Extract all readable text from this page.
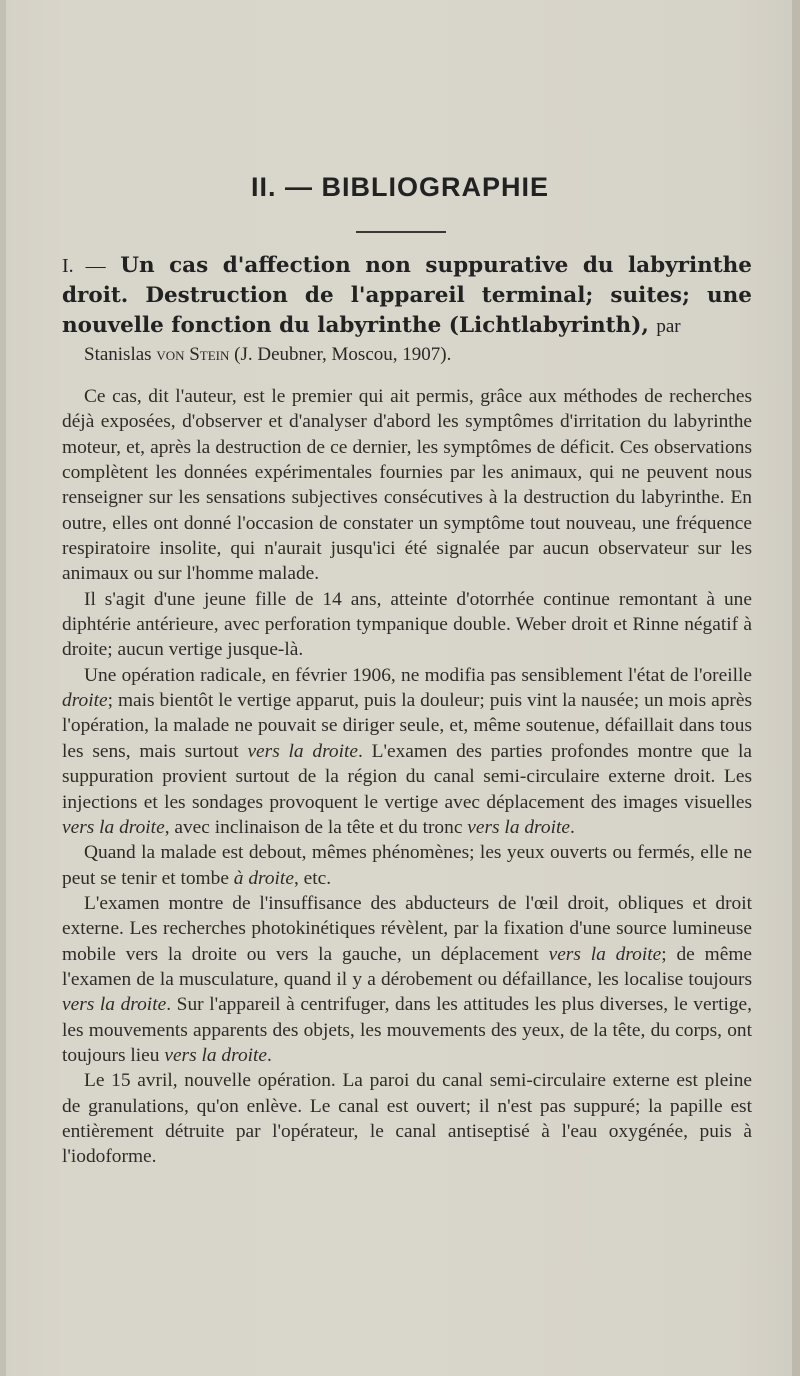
II. — BIBLIOGRAPHIE
I. — Un cas d'affection non suppurative du labyrinthe droit. Destruction de l'appareil terminal; suites; une nouvelle fonction du labyrinthe (Lichtlabyrinth), par
Stanislas von Stein (J. Deubner, Moscou, 1907).

Ce cas, dit l'auteur, est le premier qui ait permis, grâce aux méthodes de recherches déjà exposées, d'observer et d'analyser d'abord les symptômes d'irritation du labyrinthe moteur, et, après la destruction de ce dernier, les symptômes de déficit. Ces observations complètent les données expérimentales fournies par les animaux, qui ne peuvent nous renseigner sur les sensations subjectives consécutives à la destruction du labyrinthe. En outre, elles ont donné l'occasion de constater un symptôme tout nouveau, une fréquence respiratoire insolite, qui n'aurait jusqu'ici été signalée par aucun observateur sur les animaux ou sur l'homme malade.

Il s'agit d'une jeune fille de 14 ans, atteinte d'otorrhée continue remontant à une diphtérie antérieure, avec perforation tympanique double. Weber droit et Rinne négatif à droite; aucun vertige jusque-là.

Une opération radicale, en février 1906, ne modifia pas sensiblement l'état de l'oreille droite; mais bientôt le vertige apparut, puis la douleur; puis vint la nausée; un mois après l'opération, la malade ne pouvait se diriger seule, et, même soutenue, défaillait dans tous les sens, mais surtout vers la droite. L'examen des parties profondes montre que la suppuration provient surtout de la région du canal semi-circulaire externe droit. Les injections et les sondages provoquent le vertige avec déplacement des images visuelles vers la droite, avec inclinaison de la tête et du tronc vers la droite.

Quand la malade est debout, mêmes phénomènes; les yeux ouverts ou fermés, elle ne peut se tenir et tombe à droite, etc.

L'examen montre de l'insuffisance des abducteurs de l'œil droit, obliques et droit externe. Les recherches photokinétiques révèlent, par la fixation d'une source lumineuse mobile vers la droite ou vers la gauche, un déplacement vers la droite; de même l'examen de la musculature, quand il y a dérobement ou défaillance, les localise toujours vers la droite. Sur l'appareil à centrifuger, dans les attitudes les plus diverses, le vertige, les mouvements apparents des objets, les mouvements des yeux, de la tête, du corps, ont toujours lieu vers la droite.

Le 15 avril, nouvelle opération. La paroi du canal semi-circulaire externe est pleine de granulations, qu'on enlève. Le canal est ouvert; il n'est pas suppuré; la papille est entièrement détruite par l'opérateur, le canal antiseptisé à l'eau oxygénée, puis à l'iodoforme.
